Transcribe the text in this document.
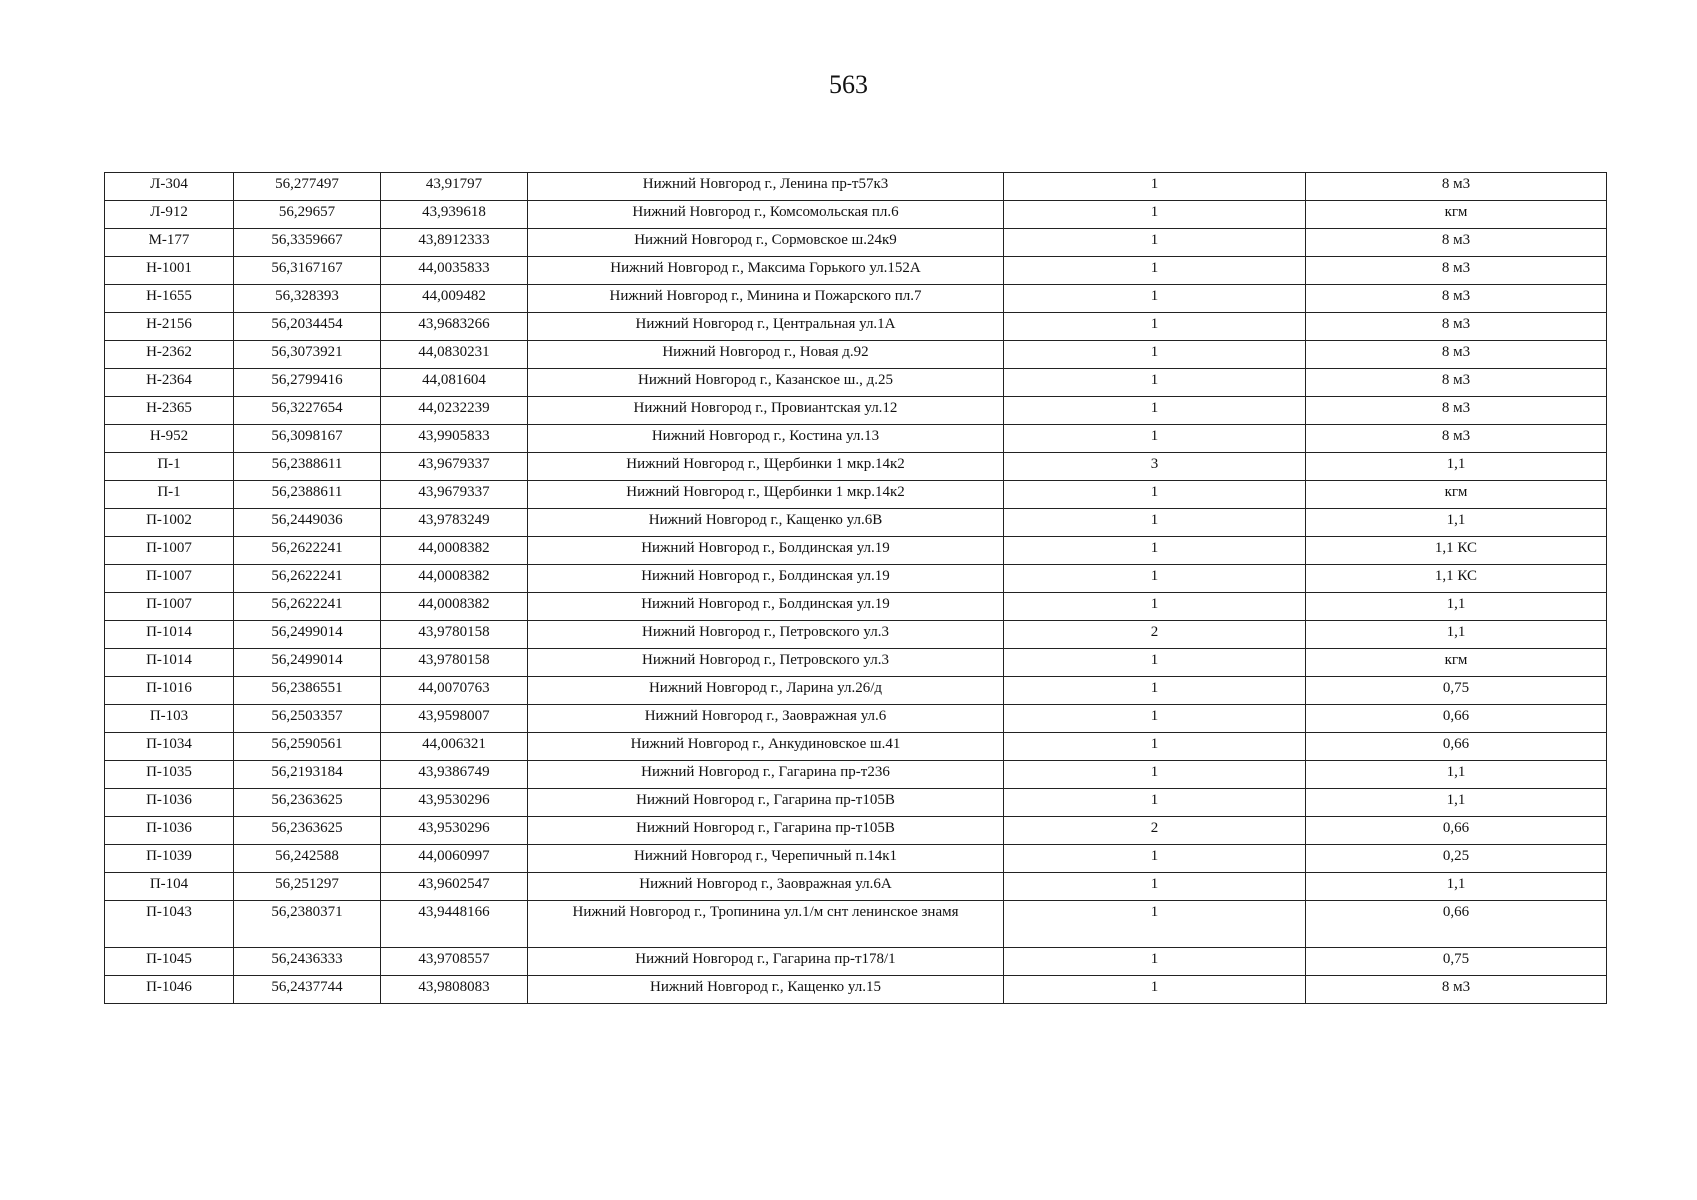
563
Л-304	56,277497	43,91797	Нижний Новгород г., Ленина пр-т57к3	1	8 м3
Л-912	56,29657	43,939618	Нижний Новгород г., Комсомольская пл.6	1	кгм
М-177	56,3359667	43,8912333	Нижний Новгород г., Сормовское ш.24к9	1	8 м3
Н-1001	56,3167167	44,0035833	Нижний Новгород г., Максима Горького ул.152А	1	8 м3
Н-1655	56,328393	44,009482	Нижний Новгород г., Минина и Пожарского пл.7	1	8 м3
Н-2156	56,2034454	43,9683266	Нижний Новгород г., Центральная ул.1А	1	8 м3
Н-2362	56,3073921	44,0830231	Нижний Новгород г., Новая д.92	1	8 м3
Н-2364	56,2799416	44,081604	Нижний Новгород г., Казанское ш., д.25	1	8 м3
Н-2365	56,3227654	44,0232239	Нижний Новгород г., Провиантская ул.12	1	8 м3
Н-952	56,3098167	43,9905833	Нижний Новгород г., Костина ул.13	1	8 м3
П-1	56,2388611	43,9679337	Нижний Новгород г., Щербинки 1 мкр.14к2	3	1,1
П-1	56,2388611	43,9679337	Нижний Новгород г., Щербинки 1 мкр.14к2	1	кгм
П-1002	56,2449036	43,9783249	Нижний Новгород г., Кащенко ул.6В	1	1,1
П-1007	56,2622241	44,0008382	Нижний Новгород г., Болдинская ул.19	1	1,1 КС
П-1007	56,2622241	44,0008382	Нижний Новгород г., Болдинская ул.19	1	1,1 КС
П-1007	56,2622241	44,0008382	Нижний Новгород г., Болдинская ул.19	1	1,1
П-1014	56,2499014	43,9780158	Нижний Новгород г., Петровского ул.3	2	1,1
П-1014	56,2499014	43,9780158	Нижний Новгород г., Петровского ул.3	1	кгм
П-1016	56,2386551	44,0070763	Нижний Новгород г., Ларина ул.26/д	1	0,75
П-103	56,2503357	43,9598007	Нижний Новгород г., Заовражная ул.6	1	0,66
П-1034	56,2590561	44,006321	Нижний Новгород г., Анкудиновское ш.41	1	0,66
П-1035	56,2193184	43,9386749	Нижний Новгород г., Гагарина пр-т236	1	1,1
П-1036	56,2363625	43,9530296	Нижний Новгород г., Гагарина пр-т105В	1	1,1
П-1036	56,2363625	43,9530296	Нижний Новгород г., Гагарина пр-т105В	2	0,66
П-1039	56,242588	44,0060997	Нижний Новгород г., Черепичный п.14к1	1	0,25
П-104	56,251297	43,9602547	Нижний Новгород г., Заовражная ул.6А	1	1,1
П-1043	56,2380371	43,9448166	Нижний Новгород г., Тропинина ул.1/м снт ленинское знамя	1	0,66
П-1045	56,2436333	43,9708557	Нижний Новгород г., Гагарина пр-т178/1	1	0,75
П-1046	56,2437744	43,9808083	Нижний Новгород г., Кащенко ул.15	1	8 м3
